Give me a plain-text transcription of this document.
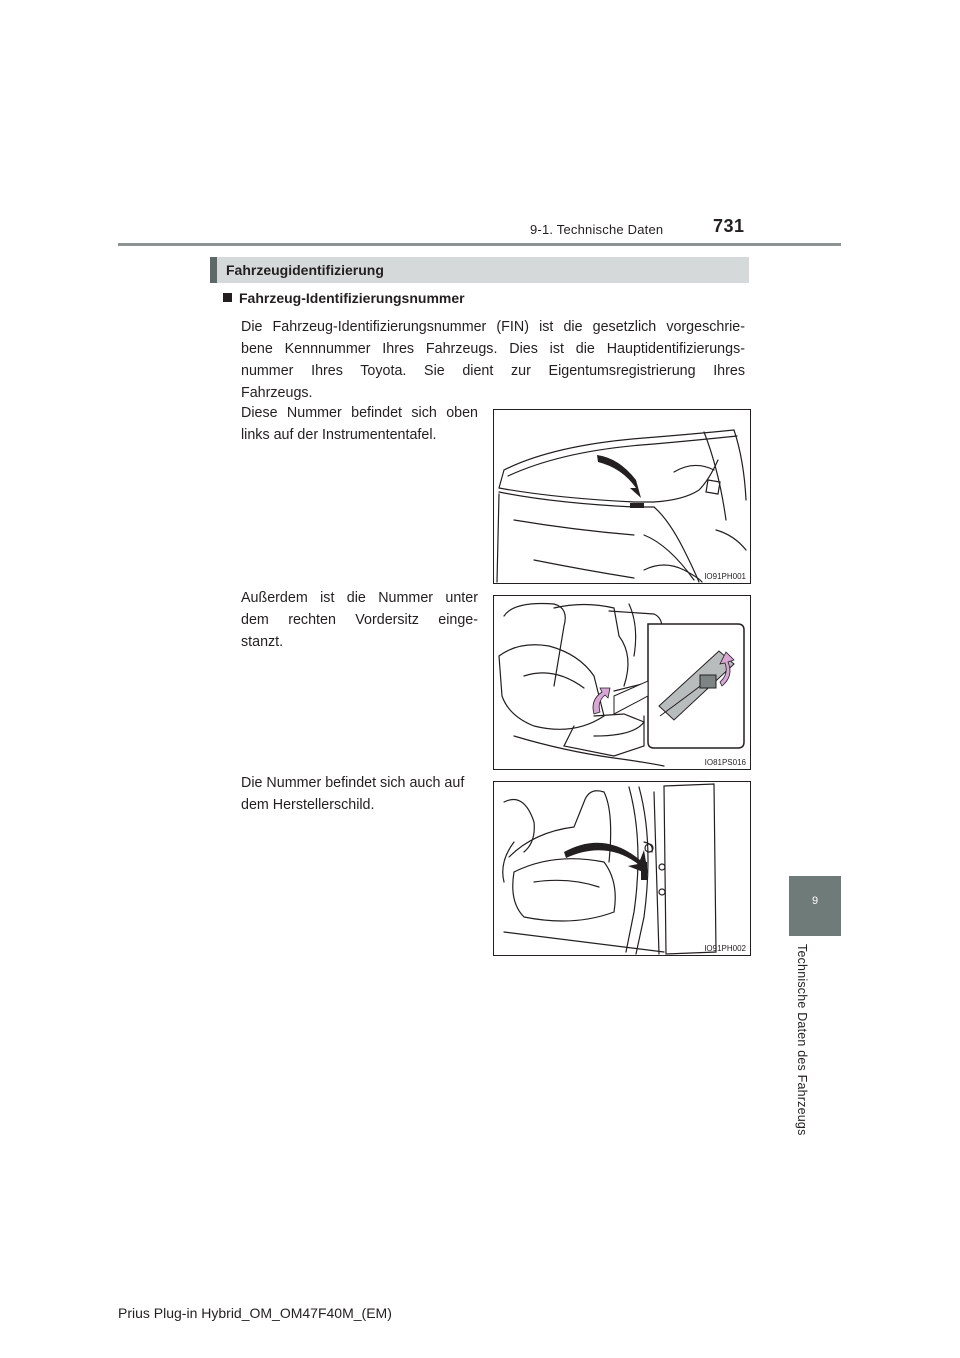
9-1. Technische Daten	731
9
Technische Daten des Fahrzeugs
Fahrzeugidentifizierung
Fahrzeug-Identifizierungsnummer
Die Fahrzeug-Identifizierungsnummer (FIN) ist die gesetzlich vorgeschrie-
bene Kennnummer Ihres Fahrzeugs. Dies ist die Hauptidentifizierungs-
nummer Ihres Toyota. Sie dient zur Eigentumsregistrierung Ihres
Fahrzeugs.
Diese Nummer befindet sich oben
links auf der Instrumententafel.
IO91PH001
Außerdem ist die Nummer unter
dem rechten Vordersitz einge-
stanzt.
IO81PS016
Die Nummer befindet sich auch auf
dem Herstellerschild.
IO91PH002
Prius Plug-in Hybrid_OM_OM47F40M_(EM)
